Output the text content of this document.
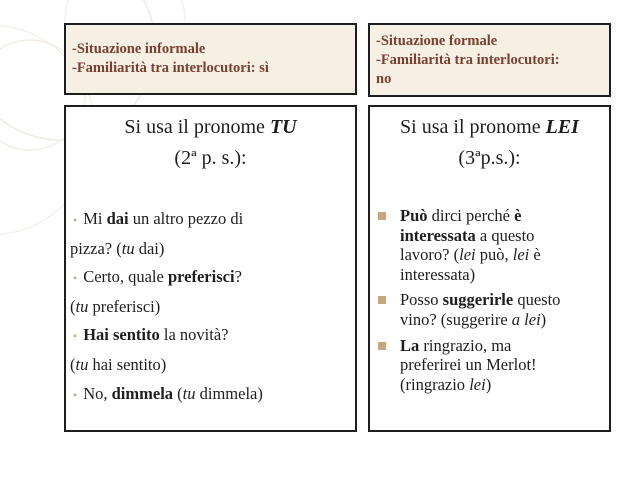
-Situazione informale
-Familiarità tra interlocutori: sì
-Situazione formale
-Familiarità tra interlocutori:
no
Si usa il pronome TU
(2ª p. s.):
• Mi dai un altro pezzo di
pizza? (tu dai)
• Certo, quale preferisci?
(tu preferisci)
• Hai sentito la novità?
(tu hai sentito)
• No, dimmela (tu dimmela)
Si usa il pronome LEI
(3ªp.s.):
Può dirci perché è
interessata a questo
lavoro? (lei può, lei è
interessata)
Posso suggerirle questo
vino? (suggerire a lei)
La ringrazio, ma
preferirei un Merlot!
(ringrazio lei)
